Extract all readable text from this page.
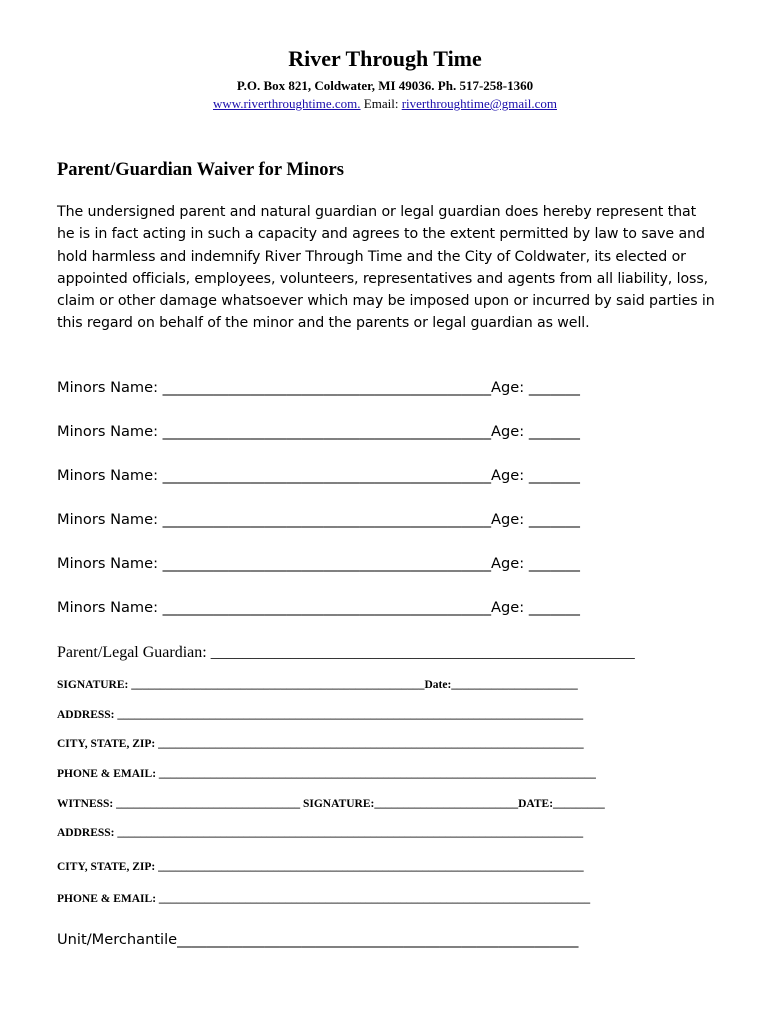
River Through Time
P.O. Box 821, Coldwater, MI 49036. Ph. 517-258-1360
www.riverthroughtime.com. Email: riverthroughtime@gmail.com
Parent/Guardian Waiver for Minors
The undersigned parent and natural guardian or legal guardian does hereby represent that he is in fact acting in such a capacity and agrees to the extent permitted by law to save and hold harmless and indemnify River Through Time and the City of Coldwater, its elected or appointed officials, employees, volunteers, representatives and agents from all liability, loss, claim or other damage whatsoever which may be imposed upon or incurred by said parties in this regard on behalf of the minor and the parents or legal guardian as well.
Minors Name: _____________________________________________Age: _______
Minors Name: _____________________________________________Age: _______
Minors Name: _____________________________________________Age: _______
Minors Name: _____________________________________________Age: _______
Minors Name: _____________________________________________Age: _______
Minors Name: _____________________________________________Age: _______
Parent/Legal Guardian: _____________________________________________________
SIGNATURE: ___________________________________________________Date:______________________
ADDRESS: _________________________________________________________________________________
CITY, STATE, ZIP: __________________________________________________________________________
PHONE & EMAIL: ____________________________________________________________________________
WITNESS: ________________________________ SIGNATURE:_________________________DATE:_________
ADDRESS: _________________________________________________________________________________
CITY, STATE, ZIP: __________________________________________________________________________
PHONE & EMAIL: ___________________________________________________________________________
Unit/Merchantile_______________________________________________________
